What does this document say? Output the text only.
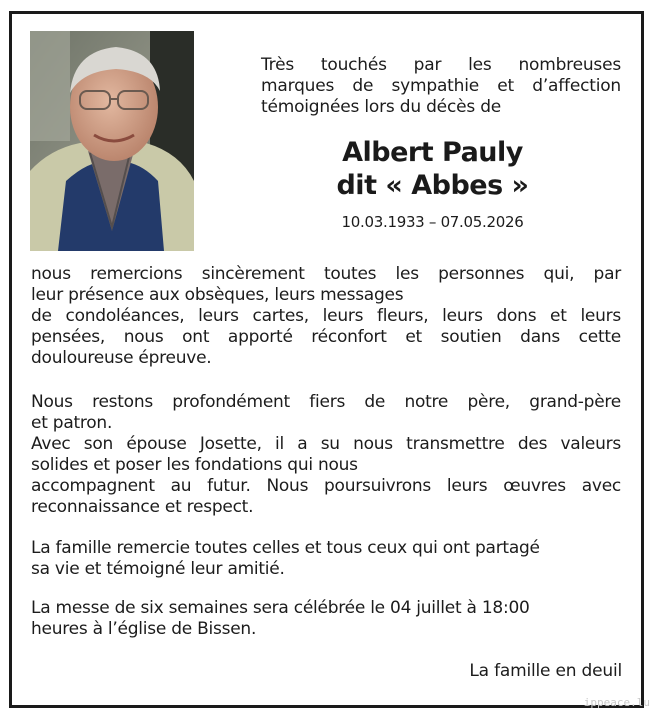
Très touchés par les nombreuses
marques de sympathie et d’affection
témoignées lors du décès de
Albert Pauly
dit « Abbes »
10.03.1933 – 07.05.2026
nous remercions sincèrement toutes les personnes qui, par
leur présence aux obsèques, leurs messages
de condoléances, leurs cartes, leurs fleurs, leurs dons et leurs
pensées, nous ont apporté réconfort et soutien dans cette
douloureuse épreuve.
Nous restons profondément fiers de notre père, grand-père
et patron.
Avec son épouse Josette, il a su nous transmettre des valeurs
solides et poser les fondations qui nous
accompagnent au futur. Nous poursuivrons leurs œuvres avec
reconnaissance et respect.
La famille remercie toutes celles et tous ceux qui ont partagé
sa vie et témoigné leur amitié.
La messe de six semaines sera célébrée le 04 juillet à 18:00
heures à l’église de Bissen.
La famille en deuil
ippeace.lu
